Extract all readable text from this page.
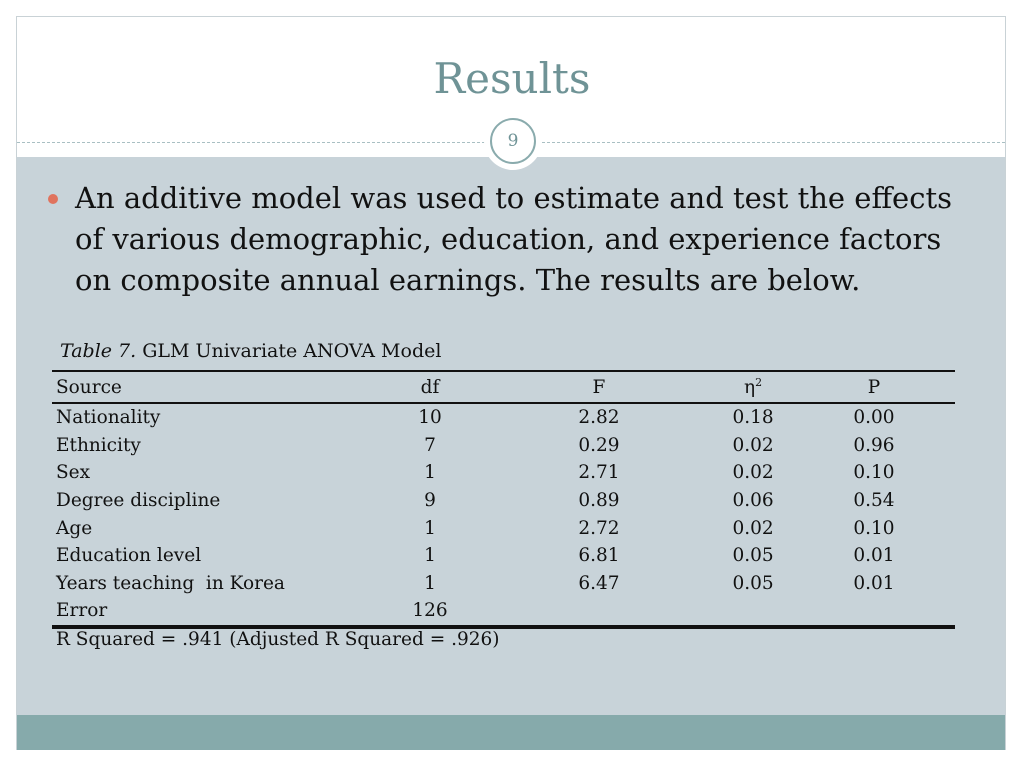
Results
9
An additive model was used to estimate and test the effects of various demographic, education, and experience factors on composite annual earnings. The results are below.
Table 7. GLM Univariate ANOVA Model
Source	df	F	$\eta^2$	P
Nationality	10	2.82	0.18	0.00
Ethnicity	7	0.29	0.02	0.96
Sex	1	2.71	0.02	0.10
Degree discipline	9	0.89	0.06	0.54
Age	1	2.72	0.02	0.10
Education level	1	6.81	0.05	0.01
Years teaching  in Korea	1	6.47	0.05	0.01
Error	126			
R Squared = .941 (Adjusted R Squared = .926)
